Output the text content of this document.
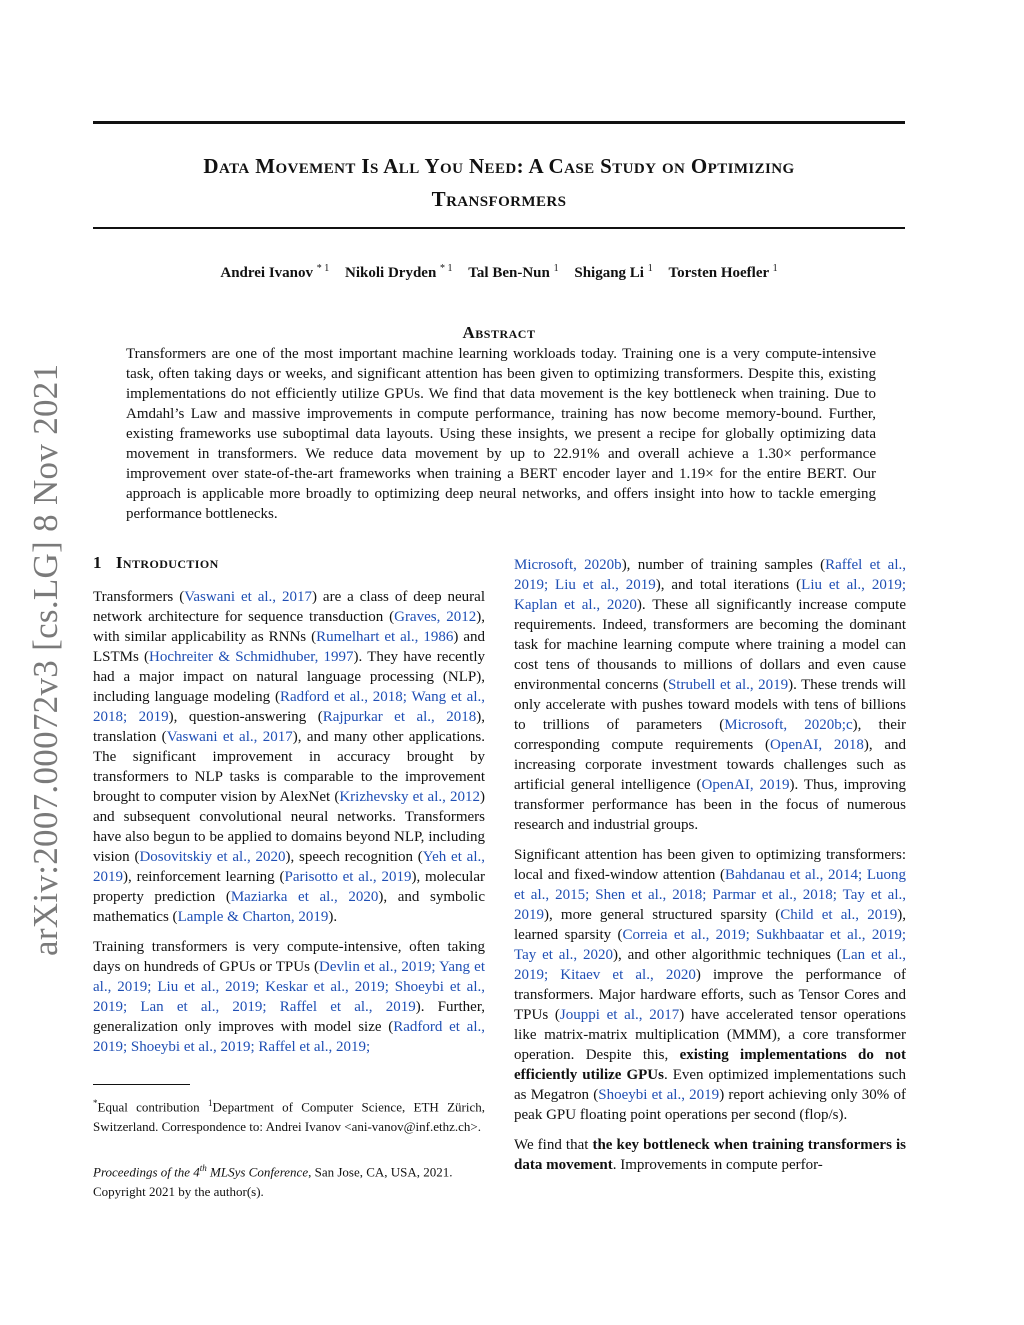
Data Movement Is All You Need: A Case Study on Optimizing
Transformers
Andrei Ivanov $^{* 1}$ Nikoli Dryden $^{* 1}$ Tal Ben-Nun $^1$ Shigang Li $^1$ Torsten Hoefler $^1$
Abstract

Transformers are one of the most important machine learning workloads today. Training one is a very compute-intensive task, often taking days or weeks, and significant attention has been given to optimizing transformers. Despite this, existing implementations do not efficiently utilize GPUs. We find that data movement is the key bottleneck when training. Due to Amdahl’s Law and massive improvements in compute performance, training has now become memory-bound. Further, existing frameworks use suboptimal data layouts. Using these insights, we present a recipe for globally optimizing data movement in transformers. We reduce data movement by up to 22.91% and overall achieve a 1.30× performance improvement over state-of-the-art frameworks when training a BERT encoder layer and 1.19× for the entire BERT. Our approach is applicable more broadly to optimizing deep neural networks, and offers insight into how to tackle emerging performance bottlenecks.

arXiv:2007.00072v3 [cs.LG] 8 Nov 2021 1 Introduction

Transformers (Vaswani et al., 2017) are a class of deep neural network architecture for sequence transduction (Graves, 2012), with similar applicability as RNNs (Rumelhart et al., 1986) and LSTMs (Hochreiter & Schmidhuber, 1997). They have recently had a major impact on natural language processing (NLP), including language modeling (Radford et al., 2018; Wang et al., 2018; 2019), question-answering (Rajpurkar et al., 2018), translation (Vaswani et al., 2017), and many other applications. The significant improvement in accuracy brought by transformers to NLP tasks is comparable to the improvement brought to computer vision by AlexNet (Krizhevsky et al., 2012) and subsequent convolutional neural networks. Transformers have also begun to be applied to domains beyond NLP, including vision (Dosovitskiy et al., 2020), speech recognition (Yeh et al., 2019), reinforcement learning (Parisotto et al., 2019), molecular property prediction (Maziarka et al., 2020), and symbolic mathematics (Lample & Charton, 2019).

Training transformers is very compute-intensive, often taking days on hundreds of GPUs or TPUs (Devlin et al., 2019; Yang et al., 2019; Liu et al., 2019; Keskar et al., 2019; Shoeybi et al., 2019; Lan et al., 2019; Raffel et al., 2019). Further, generalization only improves with model size (Radford et al., 2019; Shoeybi et al., 2019; Raffel et al., 2019;

Microsoft, 2020b), number of training samples (Raffel et al., 2019; Liu et al., 2019), and total iterations (Liu et al., 2019; Kaplan et al., 2020). These all significantly increase compute requirements. Indeed, transformers are becoming the dominant task for machine learning compute where training a model can cost tens of thousands to millions of dollars and even cause environmental concerns (Strubell et al., 2019). These trends will only accelerate with pushes toward models with tens of billions to trillions of parameters (Microsoft, 2020b;c), their corresponding compute requirements (OpenAI, 2018), and increasing corporate investment towards challenges such as artificial general intelligence (OpenAI, 2019). Thus, improving transformer performance has been in the focus of numerous research and industrial groups.

Significant attention has been given to optimizing transformers: local and fixed-window attention (Bahdanau et al., 2014; Luong et al., 2015; Shen et al., 2018; Parmar et al., 2018; Tay et al., 2019), more general structured sparsity (Child et al., 2019), learned sparsity (Correia et al., 2019; Sukhbaatar et al., 2019; Tay et al., 2020), and other algorithmic techniques (Lan et al., 2019; Kitaev et al., 2020) improve the performance of transformers. Major hardware efforts, such as Tensor Cores and TPUs (Jouppi et al., 2017) have accelerated tensor operations like matrix-matrix multiplication (MMM), a core transformer operation. Despite this, existing implementations do not efficiently utilize GPUs. Even optimized implementations such as Megatron (Shoeybi et al., 2019) report achieving only 30% of peak GPU floating point operations per second (flop/s).

We find that the key bottleneck when training transformers is data movement. Improvements in compute perfor-

*Equal contribution $^1$Department of Computer Science, ETH Zürich, Switzerland. Correspondence to: Andrei Ivanov <ani-vanov@inf.ethz.ch>.

Proceedings of the 4th MLSys Conference, San Jose, CA, USA, 2021. Copyright 2021 by the author(s).
